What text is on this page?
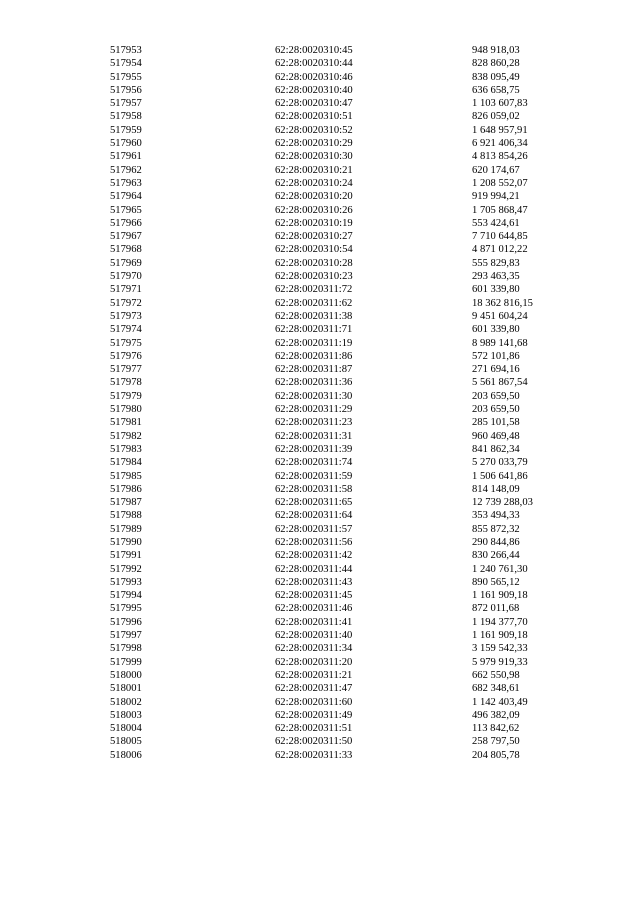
517953	62:28:0020310:45	948 918,03
517954	62:28:0020310:44	828 860,28
517955	62:28:0020310:46	838 095,49
517956	62:28:0020310:40	636 658,75
517957	62:28:0020310:47	1 103 607,83
517958	62:28:0020310:51	826 059,02
517959	62:28:0020310:52	1 648 957,91
517960	62:28:0020310:29	6 921 406,34
517961	62:28:0020310:30	4 813 854,26
517962	62:28:0020310:21	620 174,67
517963	62:28:0020310:24	1 208 552,07
517964	62:28:0020310:20	919 994,21
517965	62:28:0020310:26	1 705 868,47
517966	62:28:0020310:19	553 424,61
517967	62:28:0020310:27	7 710 644,85
517968	62:28:0020310:54	4 871 012,22
517969	62:28:0020310:28	555 829,83
517970	62:28:0020310:23	293 463,35
517971	62:28:0020311:72	601 339,80
517972	62:28:0020311:62	18 362 816,15
517973	62:28:0020311:38	9 451 604,24
517974	62:28:0020311:71	601 339,80
517975	62:28:0020311:19	8 989 141,68
517976	62:28:0020311:86	572 101,86
517977	62:28:0020311:87	271 694,16
517978	62:28:0020311:36	5 561 867,54
517979	62:28:0020311:30	203 659,50
517980	62:28:0020311:29	203 659,50
517981	62:28:0020311:23	285 101,58
517982	62:28:0020311:31	960 469,48
517983	62:28:0020311:39	841 862,34
517984	62:28:0020311:74	5 270 033,79
517985	62:28:0020311:59	1 506 641,86
517986	62:28:0020311:58	814 148,09
517987	62:28:0020311:65	12 739 288,03
517988	62:28:0020311:64	353 494,33
517989	62:28:0020311:57	855 872,32
517990	62:28:0020311:56	290 844,86
517991	62:28:0020311:42	830 266,44
517992	62:28:0020311:44	1 240 761,30
517993	62:28:0020311:43	890 565,12
517994	62:28:0020311:45	1 161 909,18
517995	62:28:0020311:46	872 011,68
517996	62:28:0020311:41	1 194 377,70
517997	62:28:0020311:40	1 161 909,18
517998	62:28:0020311:34	3 159 542,33
517999	62:28:0020311:20	5 979 919,33
518000	62:28:0020311:21	662 550,98
518001	62:28:0020311:47	682 348,61
518002	62:28:0020311:60	1 142 403,49
518003	62:28:0020311:49	496 382,09
518004	62:28:0020311:51	113 842,62
518005	62:28:0020311:50	258 797,50
518006	62:28:0020311:33	204 805,78
